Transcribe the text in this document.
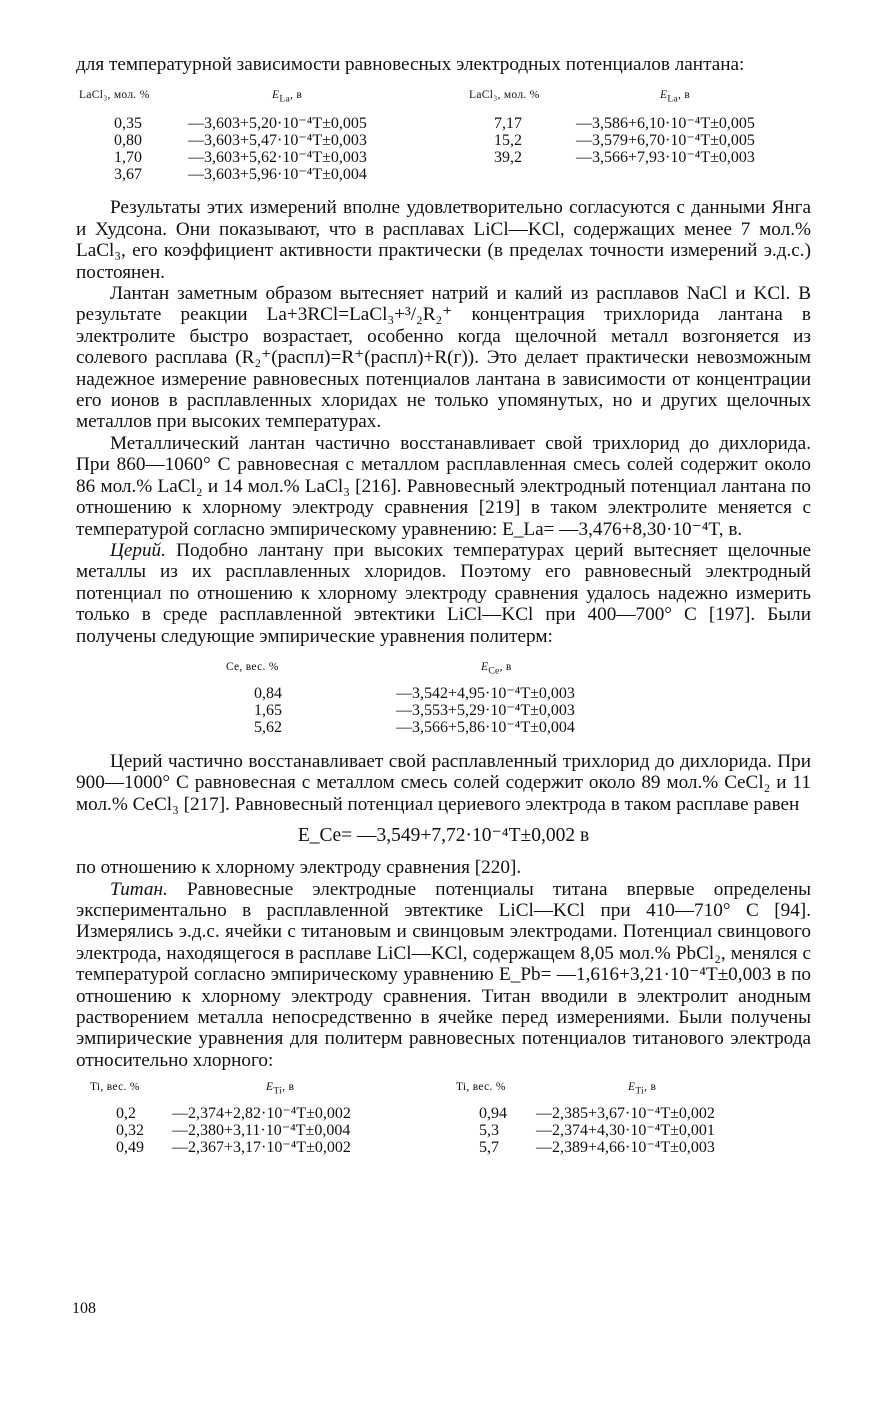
для температурной зависимости равновесных электродных потенциалов лантана:

LaCl₃, мол. %	$E_{La}$, в	LaCl₃, мол. %	$E_{La}$, в
0,35	—3,603+5,20·10⁻⁴T±0,005
0,80	—3,603+5,47·10⁻⁴T±0,003
1,70	—3,603+5,62·10⁻⁴T±0,003
3,67	—3,603+5,96·10⁻⁴T±0,004
7,17	—3,586+6,10·10⁻⁴T±0,005
15,2	—3,579+6,70·10⁻⁴T±0,005
39,2	—3,566+7,93·10⁻⁴T±0,003

Результаты этих измерений вполне удовлетворительно согласуются с данными Янга и Худсона. Они показывают, что в расплавах LiCl—KCl, содержащих менее 7 мол.% LaCl₃, его коэффициент активности практически (в пределах точности измерений э.д.с.) постоянен.

Лантан заметным образом вытесняет натрий и калий из расплавов NaCl и KCl. В результате реакции La+3RCl=LaCl₃+³/₂R₂⁺ концентрация трихлорида лантана в электролите быстро возрастает, особенно когда щелочной металл возгоняется из солевого расплава (R₂⁺(распл)=R⁺(распл)+R(г)). Это делает практически невозможным надежное измерение равновесных потенциалов лантана в зависимости от концентрации его ионов в расплавленных хлоридах не только упомянутых, но и других щелочных металлов при высоких температурах.

Металлический лантан частично восстанавливает свой трихлорид до дихлорида. При 860—1060° С равновесная с металлом расплавленная смесь солей содержит около 86 мол.% LaCl₂ и 14 мол.% LaCl₃ [216]. Равновесный электродный потенциал лантана по отношению к хлорному электроду сравнения [219] в таком электролите меняется с температурой согласно эмпирическому уравнению: E_La= —3,476+8,30·10⁻⁴T, в.

Церий. Подобно лантану при высоких температурах церий вытесняет щелочные металлы из их расплавленных хлоридов. Поэтому его равновесный электродный потенциал по отношению к хлорному электроду сравнения удалось надежно измерить только в среде расплавленной эвтектики LiCl—KCl при 400—700° С [197]. Были получены следующие эмпирические уравнения политерм:

Ce, вес. %	$E_{Ce}$, в
0,84	—3,542+4,95·10⁻⁴T±0,003
1,65	—3,553+5,29·10⁻⁴T±0,003
5,62	—3,566+5,86·10⁻⁴T±0,004

Церий частично восстанавливает свой расплавленный трихлорид до дихлорида. При 900—1000° С равновесная с металлом смесь солей содержит около 89 мол.% CeCl₂ и 11 мол.% CeCl₃ [217]. Равновесный потенциал цериевого электрода в таком расплаве равен

E_Ce= —3,549+7,72·10⁻⁴T±0,002 в

по отношению к хлорному электроду сравнения [220].

Титан. Равновесные электродные потенциалы титана впервые определены экспериментально в расплавленной эвтектике LiCl—KCl при 410—710° С [94]. Измерялись э.д.с. ячейки с титановым и свинцовым электродами. Потенциал свинцового электрода, находящегося в расплаве LiCl—KCl, содержащем 8,05 мол.% PbCl₂, менялся с температурой согласно эмпирическому уравнению E_Pb= —1,616+3,21·10⁻⁴T±0,003 в по отношению к хлорному электроду сравнения. Титан вводили в электролит анодным растворением металла непосредственно в ячейке перед измерениями. Были получены эмпирические уравнения для политерм равновесных потенциалов титанового электрода относительно хлорного:

Ti, вес. %	$E_{Ti}$, в	Ti, вес. %	$E_{Ti}$, в
0,2 —2,374+2,82·10⁻⁴T±0,002
0,32 —2,380+3,11·10⁻⁴T±0,004
0,49 —2,367+3,17·10⁻⁴T±0,002
0,94 —2,385+3,67·10⁻⁴T±0,002
5,3 —2,374+4,30·10⁻⁴T±0,001
5,7 —2,389+4,66·10⁻⁴T±0,003
108
